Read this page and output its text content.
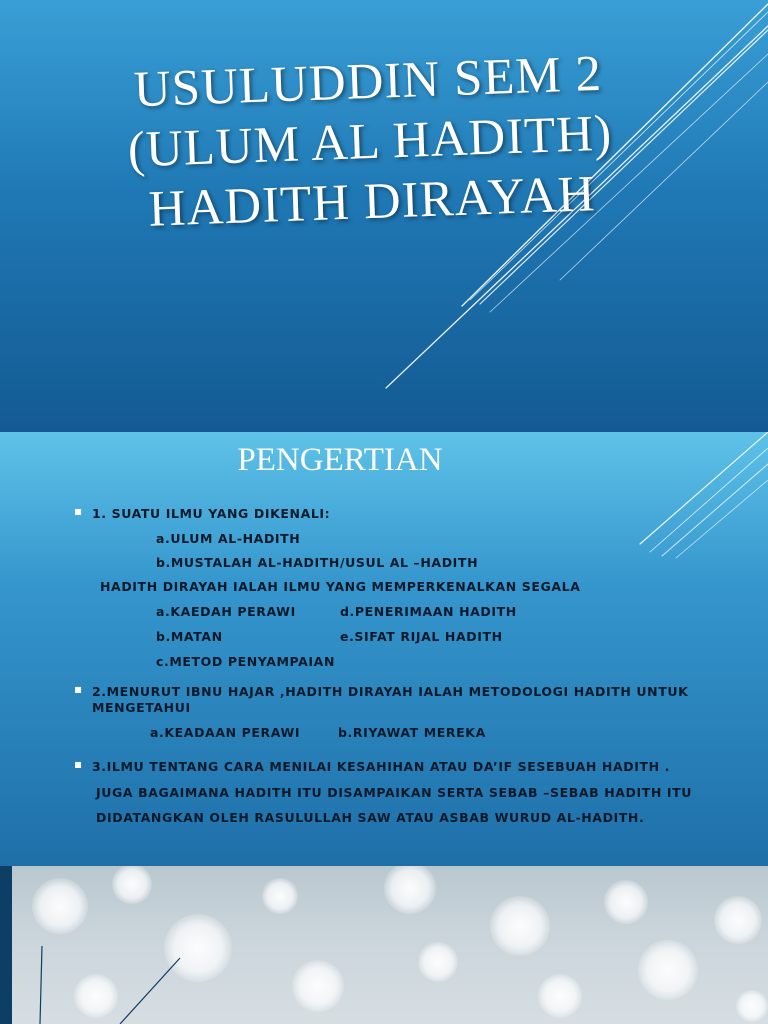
USULUDDIN SEM 2
(ULUM AL HADITH)
HADITH DIRAYAH
PENGERTIAN
▪ 1. SUATU ILMU YANG DIKENALI:

a.ULUM AL-HADITH

b.MUSTALAH AL-HADITH/USUL AL –HADITH

HADITH DIRAYAH IALAH ILMU YANG MEMPERKENALKAN SEGALA

a.KAEDAH PERAWI	d.PENERIMAAN HADITH

b.MATAN	e.SIFAT RIJAL HADITH

c.METOD PENYAMPAIAN

▪ 2.MENURUT IBNU HAJAR ,HADITH DIRAYAH IALAH METODOLOGI HADITH UNTUK

MENGETAHUI

a.KEADAAN PERAWI	b.RIYAWAT MEREKA

▪ 3.ILMU TENTANG CARA MENILAI KESAHIHAN ATAU DA’IF SESEBUAH HADITH .

JUGA BAGAIMANA HADITH ITU DISAMPAIKAN SERTA SEBAB –SEBAB HADITH ITU

DIDATANGKAN OLEH RASULULLAH SAW ATAU ASBAB WURUD AL-HADITH.
